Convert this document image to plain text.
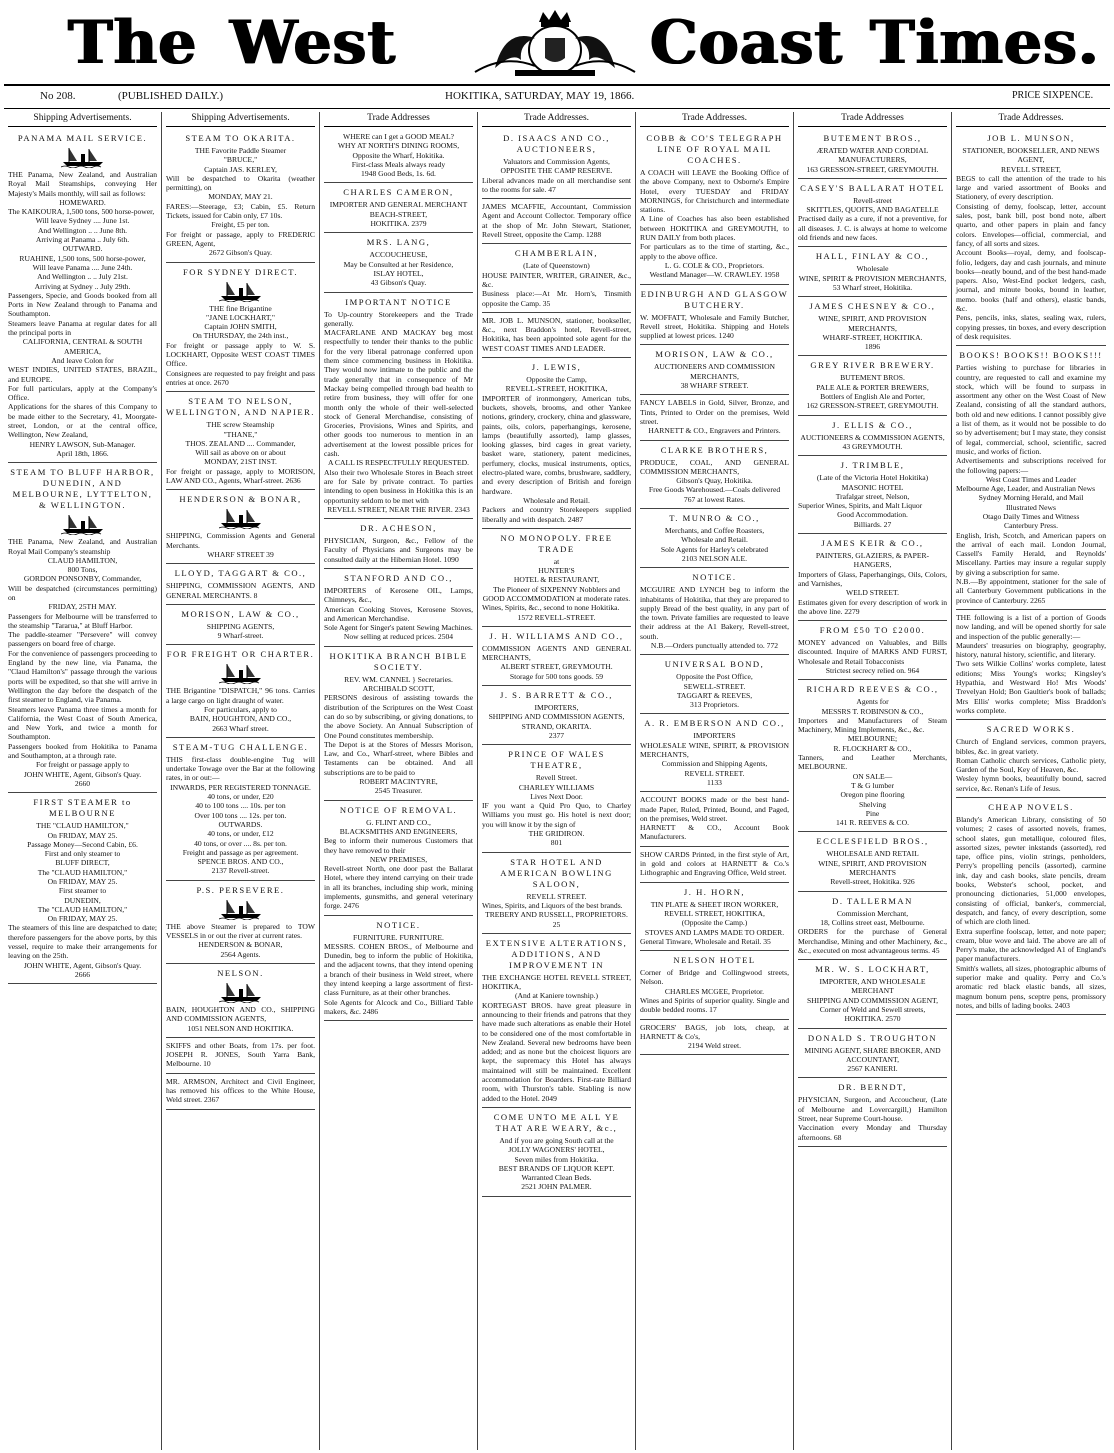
The West	Coast Times.
No 208.	(PUBLISHED DAILY.)	HOKITIKA, SATURDAY, MAY 19, 1866.	PRICE SIXPENCE.
Shipping Advertisements.
PANAMA MAIL SERVICE.
THE Panama, New Zealand, and Australian Royal Mail Steamships, conveying Her Majesty's Mails monthly, will sail as follows:
HOMEWARD.
The KAIKOURA, 1,500 tons, 500 horse-power,
Will leave Sydney .... June 1st.
And Wellington .. .. June 8th.
Arriving at Panama .. July 6th.
OUTWARD.
RUAHINE, 1,500 tons, 500 horse-power,
Will leave Panama .... June 24th.
And Wellington .. .. July 21st.
Arriving at Sydney .. July 29th.
Passengers, Specie, and Goods booked from all Ports in New Zealand through to Panama and Southampton.
Steamers leave Panama at regular dates for all the principal ports in
CALIFORNIA, CENTRAL & SOUTH AMERICA,
And leave Colon for
WEST INDIES, UNITED STATES, BRAZIL, and EUROPE.
For full particulars, apply at the Company's Office.
Applications for the shares of this Company to be made either to the Secretary, 41, Moorgate-street, London, or at the central office, Wellington, New Zealand,
HENRY LAWSON, Sub-Manager.
April 18th, 1866.
STEAM TO BLUFF HARBOR, DUNEDIN, AND MELBOURNE, LYTTELTON, & WELLINGTON.
THE Panama, New Zealand, and Australian Royal Mail Company's steamship
CLAUD HAMILTON,
800 Tons,
GORDON PONSONBY, Commander,
Will be despatched (circumstances permitting) on
FRIDAY, 25TH MAY.
Passengers for Melbourne will be transferred to the steamship "Tararua," at Bluff Harbor.
The paddle-steamer "Persevere" will convey passengers on board free of charge.
For the convenience of passengers proceeding to England by the new line, via Panama, the "Claud Hamilton's" passage through the various ports will be expedited, so that she will arrive in Wellington the day before the despatch of the first steamer to England, via Panama.
Steamers leave Panama three times a month for California, the West Coast of South America, and New York, and twice a month for Southampton.
Passengers booked from Hokitika to Panama and Southampton, at a through rate.
For freight or passage apply to
JOHN WHITE, Agent, Gibson's Quay.
2660
FIRST STEAMER to MELBOURNE
THE "CLAUD HAMILTON,"
On FRIDAY, MAY 25.
Passage Money—Second Cabin, £6.
First and only steamer to
BLUFF DIRECT,
The "CLAUD HAMILTON,"
On FRIDAY, MAY 25.
First steamer to
DUNEDIN,
The "CLAUD HAMILTON,"
On FRIDAY, MAY 25.
The steamers of this line are despatched to date; therefore passengers for the above ports, by this vessel, require to make their arrangements for leaving on the 25th.
JOHN WHITE, Agent, Gibson's Quay.
2666
Shipping Advertisements.
STEAM TO OKARITA.
THE Favorite Paddle Steamer
"BRUCE,"
Captain JAS. KERLEY,
Will be despatched to Okarita (weather permitting), on
MONDAY, MAY 21.
FARES:—Steerage, £3; Cabin, £5. Return Tickets, issued for Cabin only, £7 10s.
Freight, £5 per ton.
For freight or passage, apply to FREDERIC GREEN, Agent,
2672 Gibson's Quay.
FOR SYDNEY DIRECT.
THE fine Brigantine
"JANE LOCKHART,"
Captain JOHN SMITH,
On THURSDAY, the 24th inst.,
For freight or passage apply to W. S. LOCKHART, Opposite WEST COAST TIMES Office.
Consignees are requested to pay freight and pass entries at once. 2670
STEAM TO NELSON, WELLINGTON, AND NAPIER.
THE screw Steamship
"THANE,"
THOS. ZEALAND .... Commander,
Will sail as above on or about
MONDAY, 21ST INST.
For freight or passage, apply to MORISON, LAW AND CO., Agents, Wharf-street. 2636
HENDERSON & BONAR,
SHIPPING, Commission Agents and General Merchants.
WHARF STREET 39
LLOYD, TAGGART & CO.,
SHIPPING, COMMISSION AGENTS, AND GENERAL MERCHANTS. 8
MORISON, LAW & CO.,
SHIPPING AGENTS,
9 Wharf-street.
FOR FREIGHT OR CHARTER.
THE Brigantine "DISPATCH," 96 tons. Carries a large cargo on light draught of water.
For particulars, apply to
BAIN, HOUGHTON, AND CO.,
2663 Wharf street.
STEAM-TUG CHALLENGE.
THIS first-class double-engine Tug will undertake Towage over the Bar at the following rates, in or out:—
INWARDS, PER REGISTERED TONNAGE.
40 tons, or under, £20
40 to 100 tons .... 10s. per ton
Over 100 tons .... 12s. per ton.
OUTWARDS.
40 tons, or under, £12
40 tons, or over .... 8s. per ton.
Freight and passage as per agreement.
SPENCE BROS. AND CO.,
2137 Revell-street.
P.S. PERSEVERE.
THE above Steamer is prepared to TOW VESSELS in or out the river at current rates.
HENDERSON & BONAR,
2564 Agents.
NELSON.
BAIN, HOUGHTON AND CO., SHIPPING AND COMMISSION AGENTS,
1051 NELSON AND HOKITIKA.
SKIFFS and other Boats, from 17s. per foot. JOSEPH R. JONES, South Yarra Bank, Melbourne. 10
MR. ARMSON, Architect and Civil Engineer, has removed his offices to the White House, Weld street. 2367
Trade Addresses
WHERE can I get a GOOD MEAL?
WHY AT NORTH'S DINING ROOMS,
Opposite the Wharf, Hokitika.
First-class Meals always ready
1948 Good Beds, 1s. 6d.
CHARLES CAMERON,
IMPORTER AND GENERAL MERCHANT
BEACH-STREET,
HOKITIKA. 2379
MRS. LANG,
ACCOUCHEUSE,
May be Consulted at her Residence,
ISLAY HOTEL,
43 Gibson's Quay.
IMPORTANT NOTICE
To Up-country Storekeepers and the Trade generally.
MACFARLANE AND MACKAY beg most respectfully to tender their thanks to the public for the very liberal patronage conferred upon them since commencing business in Hokitika. They would now intimate to the public and the trade generally that in consequence of Mr Mackay being compelled through bad health to retire from business, they will offer for one month only the whole of their well-selected stock of General Merchandise, consisting of Groceries, Provisions, Wines and Spirits, and other goods too numerous to mention in an advertisement at the lowest possible prices for cash.
A CALL IS RESPECTFULLY REQUESTED.
Also their two Wholesale Stores in Beach street are for Sale by private contract. To parties intending to open business in Hokitika this is an opportunity seldom to be met with
REVELL STREET, NEAR THE RIVER. 2343
DR. ACHESON,
PHYSICIAN, Surgeon, &c., Fellow of the Faculty of Physicians and Surgeons may be consulted daily at the Hibernian Hotel. 1090
STANFORD AND CO.,
IMPORTERS of Kerosene OIL, Lamps, Chimneys, &c.,
American Cooking Stoves, Kerosene Stoves, and American Merchandise.
Sole Agent for Singer's patent Sewing Machines.
Now selling at reduced prices. 2504
HOKITIKA BRANCH BIBLE SOCIETY.
REV. WM. CANNEL } Secretaries.
ARCHIBALD SCOTT,
PERSONS desirous of assisting towards the distribution of the Scriptures on the West Coast can do so by subscribing, or giving donations, to the above Society. An Annual Subscription of One Pound constitutes membership.
The Depot is at the Stores of Messrs Morison, Law, and Co., Wharf-street, where Bibles and Testaments can be obtained. And all subscriptions are to be paid to
ROBERT MACINTYRE,
2545 Treasurer.
NOTICE OF REMOVAL.
G. FLINT AND CO.,
BLACKSMITHS AND ENGINEERS,
Beg to inform their numerous Customers that they have removed to their
NEW PREMISES,
Revell-street North, one door past the Ballarat Hotel, where they intend carrying on their trade in all its branches, including ship work, mining implements, gunsmiths, and general veterinary forge. 2476
NOTICE.
FURNITURE. FURNITURE.
MESSRS. COHEN BROS., of Melbourne and Dunedin, beg to inform the public of Hokitika, and the adjacent towns, that they intend opening a branch of their business in Weld street, where they intend keeping a large assortment of first-class Furniture, as at their other branches.
Sole Agents for Alcock and Co., Billiard Table makers, &c. 2486
Trade Addresses.
D. ISAACS AND CO., AUCTIONEERS,
Valuators and Commission Agents,
OPPOSITE THE CAMP RESERVE.
Liberal advances made on all merchandise sent to the rooms for sale. 47
JAMES MCAFFIE, Accountant, Commission Agent and Account Collector. Temporary office at the shop of Mr. John Stewart, Stationer, Revell Street, opposite the Camp. 1288
CHAMBERLAIN,
(Late of Queenstown)
HOUSE PAINTER, WRITER, GRAINER, &c., &c.
Business place:—At Mr. Horn's, Tinsmith opposite the Camp. 35
MR. JOB L. MUNSON, stationer, bookseller, &c., next Braddon's hotel, Revell-street, Hokitika, has been appointed sole agent for the WEST COAST TIMES AND LEADER.
J. LEWIS,
Opposite the Camp,
REVELL-STREET, HOKITIKA,
IMPORTER of ironmongery, American tubs, buckets, shovels, brooms, and other Yankee notions, grindery, crockery, china and glassware, paints, oils, colors, paperhangings, kerosene, lamps (beautifully assorted), lamp glasses, looking glasses, bird cages in great variety, basket ware, stationery, patent medicines, perfumery, clocks, musical instruments, optics, electro-plated ware, combs, brushware, saddlery, and every description of British and foreign hardware.
Wholesale and Retail.
Packers and country Storekeepers supplied liberally and with despatch. 2487
NO MONOPOLY. FREE TRADE
at
HUNTER'S
HOTEL & RESTAURANT,
The Pioneer of SIXPENNY Nobblers and
GOOD ACCOMMODATION at moderate rates.
Wines, Spirits, &c., second to none Hokitika.
1572 REVELL-STREET.
J. H. WILLIAMS AND CO.,
COMMISSION AGENTS AND GENERAL MERCHANTS,
ALBERT STREET, GREYMOUTH.
Storage for 500 tons goods. 59
J. S. BARRETT & CO.,
IMPORTERS,
SHIPPING AND COMMISSION AGENTS,
STRAND, OKARITA.
2377
PRINCE OF WALES THEATRE,
Revell Street.
CHARLEY WILLIAMS
Lives Next Door.
IF you want a Quid Pro Quo, to Charley Williams you must go. His hotel is next door; you will know it by the sign of
THE GRIDIRON.
801
STAR HOTEL AND AMERICAN BOWLING SALOON,
REVELL STREET.
Wines, Spirits, and Liquors of the best brands.
TREBERY AND RUSSELL, PROPRIETORS. 25
EXTENSIVE ALTERATIONS, ADDITIONS, AND IMPROVEMENT IN
THE EXCHANGE HOTEL REVELL STREET, HOKITIKA,
(And at Kaniere township.)
KORTEGAST BROS. have great pleasure in announcing to their friends and patrons that they have made such alterations as enable their Hotel to be considered one of the most comfortable in New Zealand. Several new bedrooms have been added; and as none but the choicest liquors are kept, the supremacy this Hotel has always maintained will still be maintained. Excellent accommodation for Boarders. First-rate Billiard room, with Thurston's table. Stabling is now added to the Hotel. 2049
COME UNTO ME ALL YE THAT ARE WEARY, &c.,
And if you are going South call at the
JOLLY WAGONERS' HOTEL,
Seven miles from Hokitika.
BEST BRANDS OF LIQUOR KEPT.
Warranted Clean Beds.
2521 JOHN PALMER.
Trade Addresses.
COBB & CO'S TELEGRAPH LINE OF ROYAL MAIL COACHES.
A COACH will LEAVE the Booking Office of the above Company, next to Osborne's Empire Hotel, every TUESDAY and FRIDAY MORNINGS, for Christchurch and intermediate stations.
A Line of Coaches has also been established between HOKITIKA and GREYMOUTH, to RUN DAILY from both places.
For particulars as to the time of starting, &c., apply to the above office.
L. G. COLE & CO., Proprietors.
Westland Manager—W. CRAWLEY. 1958
EDINBURGH AND GLASGOW BUTCHERY.
W. MOFFATT, Wholesale and Family Butcher, Revell street, Hokitika. Shipping and Hotels supplied at lowest prices. 1240
MORISON, LAW & CO.,
AUCTIONEERS AND COMMISSION MERCHANTS,
38 WHARF STREET.
FANCY LABELS in Gold, Silver, Bronze, and Tints, Printed to Order on the premises, Weld street.
HARNETT & CO., Engravers and Printers.
CLARKE BROTHERS,
PRODUCE, COAL, AND GENERAL COMMISSION MERCHANTS,
Gibson's Quay, Hokitika.
Free Goods Warehoused.—Coals delivered
767 at lowest Rates.
T. MUNRO & CO.,
Merchants, and Coffee Roasters,
Wholesale and Retail.
Sole Agents for Harley's celebrated
2103 NELSON ALE.
NOTICE.
MCGUIRE AND LYNCH beg to inform the inhabitants of Hokitika, that they are prepared to supply Bread of the best quality, in any part of the town. Private families are requested to leave their address at the A1 Bakery, Revell-street, south.
N.B.—Orders punctually attended to. 772
UNIVERSAL BOND,
Opposite the Post Office,
SEWELL-STREET.
TAGGART & REEVES,
313 Proprietors.
A. R. EMBERSON AND CO.,
IMPORTERS
WHOLESALE WINE, SPIRIT, & PROVISION MERCHANTS,
Commission and Shipping Agents,
REVELL STREET.
1133
ACCOUNT BOOKS made or the best hand-made Paper, Ruled, Printed, Bound, and Paged, on the premises, Weld street.
HARNETT & CO., Account Book Manufacturers.
SHOW CARDS Printed, in the first style of Art, in gold and colors at HARNETT & Co.'s Lithographic and Engraving Office, Weld street.
J. H. HORN,
TIN PLATE & SHEET IRON WORKER,
REVELL STREET, HOKITIKA,
(Opposite the Camp.)
STOVES AND LAMPS MADE TO ORDER.
General Tinware, Wholesale and Retail. 35
NELSON HOTEL
Corner of Bridge and Collingwood streets, Nelson.
CHARLES MCGEE, Proprietor.
Wines and Spirits of superior quality. Single and double bedded rooms. 17
GROCERS' BAGS, job lots, cheap, at HARNETT & Co's,
2194 Weld street.
Trade Addresses
BUTEMENT BROS.,
ÆRATED WATER AND CORDIAL MANUFACTURERS,
163 GRESSON-STREET, GREYMOUTH.
CASEY'S BALLARAT HOTEL
Revell-street
SKITTLES, QUOITS, AND BAGATELLE
Practised daily as a cure, if not a preventive, for all diseases. J. C. is always at home to welcome old friends and new faces.
HALL, FINLAY & CO.,
Wholesale
WINE, SPIRIT & PROVISION MERCHANTS,
53 Wharf street, Hokitika.
JAMES CHESNEY & CO.,
WINE, SPIRIT, AND PROVISION MERCHANTS,
WHARF-STREET, HOKITIKA.
1896
GREY RIVER BREWERY.
BUTEMENT BROS.
PALE ALE & PORTER BREWERS,
Bottlers of English Ale and Porter,
162 GRESSON-STREET, GREYMOUTH.
J. ELLIS & CO.,
AUCTIONEERS & COMMISSION AGENTS,
43 GREYMOUTH.
J. TRIMBLE,
(Late of the Victoria Hotel Hokitika)
MASONIC HOTEL
Trafalgar street, Nelson,
Superior Wines, Spirits, and Malt Liquor
Good Accommodation.
Billiards. 27
JAMES KEIR & CO.,
PAINTERS, GLAZIERS, & PAPER-HANGERS,
Importers of Glass, Paperhangings, Oils, Colors, and Varnishes,
WELD STREET.
Estimates given for every description of work in the above line. 2279
FROM £50 TO £2000.
MONEY advanced on Valuables, and Bills discounted. Inquire of MARKS AND FURST, Wholesale and Retail Tobacconists
Strictest secrecy relied on. 964
RICHARD REEVES & CO.,
Agents for
MESSRS T. ROBINSON & CO.,
Importers and Manufacturers of Steam Machinery, Mining Implements, &c., &c.
MELBOURNE;
R. FLOCKHART & CO.,
Tanners, and Leather Merchants, MELBOURNE.
ON SALE—
T & G lumber
Oregon pine flooring
Shelving
Pine
141 R. REEVES & CO.
ECCLESFIELD BROS.,
WHOLESALE AND RETAIL
WINE, SPIRIT, AND PROVISION MERCHANTS
Revell-street, Hokitika. 926
D. TALLERMAN
Commission Merchant,
18, Collins street east, Melbourne.
ORDERS for the purchase of General Merchandise, Mining and other Machinery, &c., &c., executed on most advantageous terms. 45
MR. W. S. LOCKHART,
IMPORTER, AND WHOLESALE MERCHANT
SHIPPING AND COMMISSION AGENT,
Corner of Weld and Sewell streets,
HOKITIKA. 2570
DONALD S. TROUGHTON
MINING AGENT, SHARE BROKER, AND
ACCOUNTANT,
2567 KANIERI.
DR. BERNDT,
PHYSICIAN, Surgeon, and Accoucheur, (Late of Melbourne and Lovercargill,) Hamilton Street, near Supreme Court-house.
Vaccination every Monday and Thursday afternoons. 68
Trade Addresses.
JOB L. MUNSON,
STATIONER, BOOKSELLER, AND NEWS AGENT,
REVELL STREET,
BEGS to call the attention of the trade to his large and varied assortment of Books and Stationery, of every description.
Consisting of demy, foolscap, letter, account sales, post, bank bill, post bond note, albert quarto, and other papers in plain and fancy colors. Envelopes—official, commercial, and fancy, of all sorts and sizes.
Account Books—royal, demy, and foolscap-folio, ledgers, day and cash journals, and minute books—neatly bound, and of the best hand-made papers. Also, West-End pocket ledgers, cash, journal, and minute books, bound in leather, memo. books (half and others), elastic bands, &c.
Pens, pencils, inks, slates, sealing wax, rulers, copying presses, tin boxes, and every description of desk requisites.
BOOKS! BOOKS!! BOOKS!!!
Parties wishing to purchase for libraries in country, are requested to call and examine my stock, which will be found to surpass in assortment any other on the West Coast of New Zealand, consisting of all the standard authors, both old and new editions. I cannot possibly give a list of them, as it would not be possible to do so by advertisement; but I may state, they consist of legal, commercial, school, scientific, sacred music, and works of fiction.
Advertisements and subscriptions received for the following papers:—
West Coast Times and Leader
Melbourne Age, Leader, and Australian News
Sydney Morning Herald, and Mail
Illustrated News
Otago Daily Times and Witness
Canterbury Press.
English, Irish, Scotch, and American papers on the arrival of each mail. London Journal, Cassell's Family Herald, and Reynolds' Miscellany. Parties may insure a regular supply by giving a subscription for same.
N.B.—By appointment, stationer for the sale of all Canterbury Government publications in the province of Canterbury. 2265
THE following is a list of a portion of Goods now landing, and will be opened shortly for sale and inspection of the public generally:—
Maunders' treasuries on biography, geography, history, natural history, scientific, and literary.
Two sets Wilkie Collins' works complete, latest editions; Miss Young's works; Kingsley's Hypathia, and Westward Ho! Mrs Woods' Trevelyan Hold; Bon Gaultier's book of ballads; Mrs Ellis' works complete; Miss Braddon's works complete.
SACRED WORKS.
Church of England services, common prayers, bibles, &c. in great variety.
Roman Catholic church services, Catholic piety, Garden of the Soul, Key of Heaven, &c.
Wesley hymn books, beautifully bound, sacred service, &c. Renan's Life of Jesus.
CHEAP NOVELS.
Blandy's American Library, consisting of 50 volumes; 2 cases of assorted novels, frames, school slates, gun metallique, coloured files, assorted sizes, pewter inkstands (assorted), red tape, office pins, violin strings, penholders, Perry's propelling pencils (assorted), carmine ink, day and cash books, slate pencils, dream books, Webster's school, pocket, and pronouncing dictionaries, 51,000 envelopes, consisting of official, banker's, commercial, despatch, and fancy, of every description, some of which are cloth lined.
Extra superfine foolscap, letter, and note paper; cream, blue wove and laid. The above are all of Perry's make, the acknowledged A1 of England's paper manufacturers.
Smith's wallets, all sizes, photographic albums of superior make and quality. Perry and Co.'s aromatic red black elastic bands, all sizes, magnum bonum pens, sceptre pens, promissory notes, and bills of lading books. 2403
